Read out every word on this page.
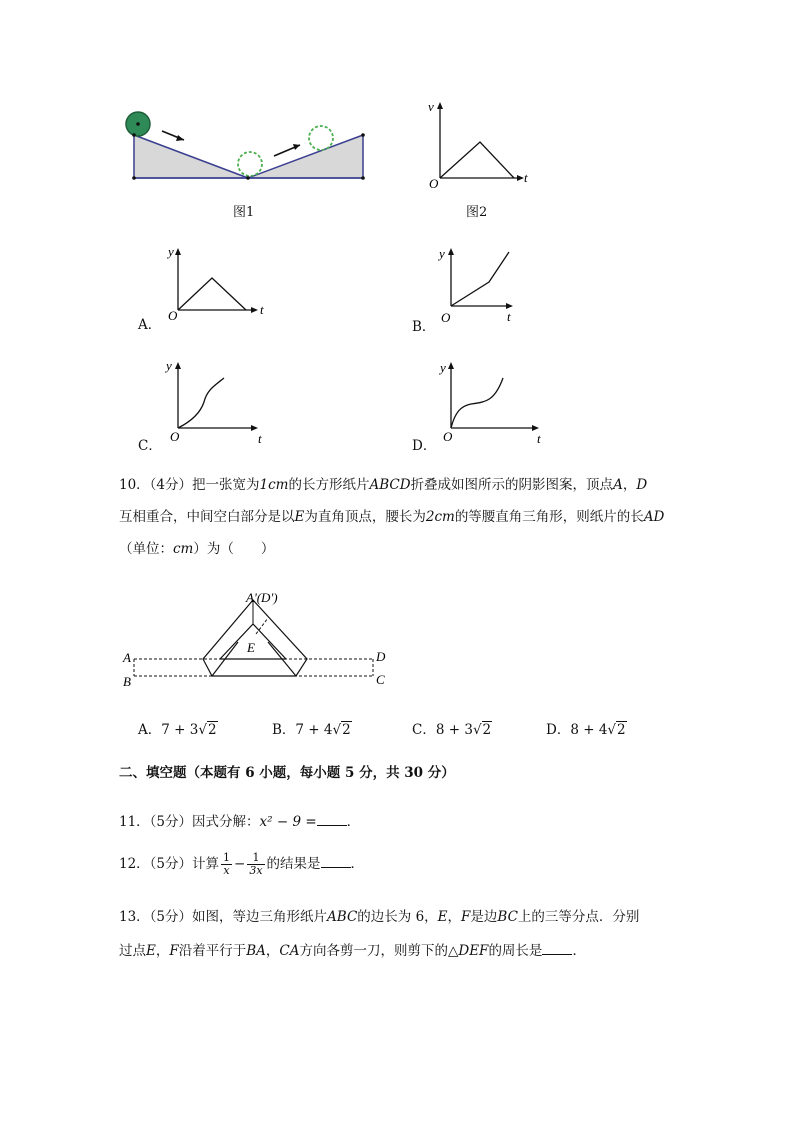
图1
v
t
O
图2
A．
y
t
O
B．
y
t
O
C．
y
t
O
D．
y
t
O
10．（4分）把一张宽为1cm的长方形纸片ABCD折叠成如图所示的阴影图案，顶点A，D
互相重合，中间空白部分是以E为直角顶点，腰长为2cm的等腰直角三角形，则纸片的长AD
（单位：cm）为（　　）
A'(D')
E
A
B
D
C
A．7 + 3√2	B．7 + 4√2	C．8 + 3√2	D．8 + 4√2
二、填空题（本题有 6 小题，每小题 5 分，共 30 分）
11．（5分）因式分解：x² − 9 = ．
12．（5分）计算 $\frac{1}{x} - \frac{1}{3x}$ 的结果是 ．
13．（5分）如图，等边三角形纸片ABC的边长为 6，E，F是边BC上的三等分点．分别
过点E，F沿着平行于BA，CA方向各剪一刀，则剪下的△DEF的周长是 ．
